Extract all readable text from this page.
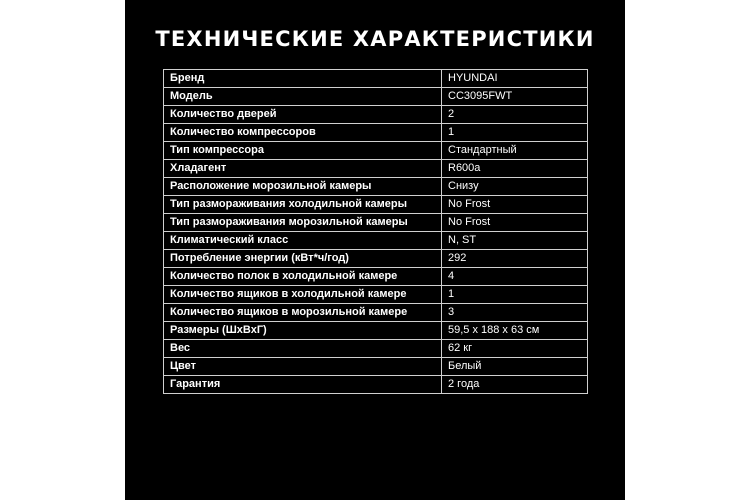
ТЕХНИЧЕСКИЕ ХАРАКТЕРИСТИКИ
Бренд	HYUNDAI
Модель	CC3095FWT
Количество дверей	2
Количество компрессоров	1
Тип компрессора	Стандартный
Хладагент	R600a
Расположение морозильной камеры	Снизу
Тип размораживания холодильной камеры	No Frost
Тип размораживания морозильной камеры	No Frost
Климатический класс	N, ST
Потребление энергии (кВт*ч/год)	292
Количество полок в холодильной камере	4
Количество ящиков в холодильной камере	1
Количество ящиков в морозильной камере	3
Размеры (ШхВхГ)	59,5 х 188 х 63 см
Вес	62 кг
Цвет	Белый
Гарантия	2 года
